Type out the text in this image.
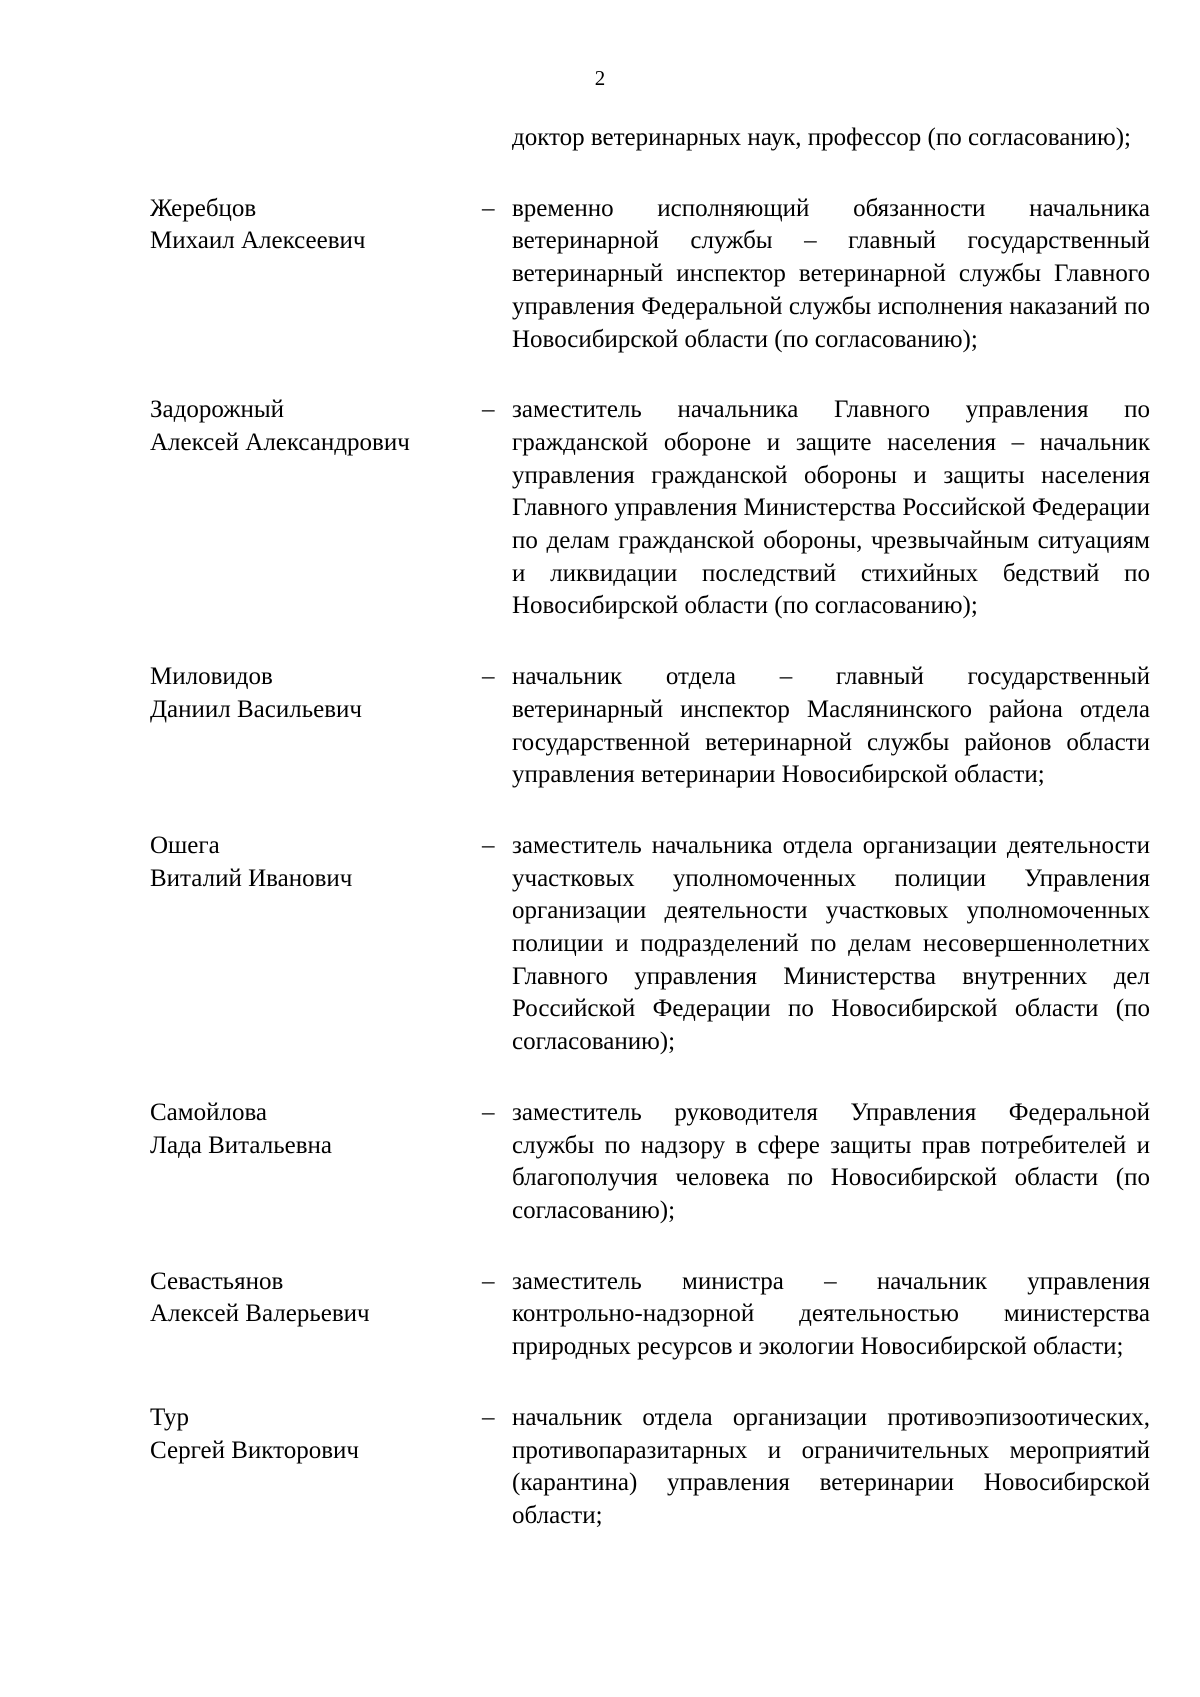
2
доктор ветеринарных наук, профессор (по согласованию);
Жеребцов
Михаил Алексеевич
– временно исполняющий обязанности начальника ветеринарной службы – главный государственный ветеринарный инспектор ветеринарной службы Главного управления Федеральной службы исполнения наказаний по Новосибирской области (по согласованию);
Задорожный
Алексей Александрович
– заместитель начальника Главного управления по гражданской обороне и защите населения – начальник управления гражданской обороны и защиты населения Главного управления Министерства Российской Федерации по делам гражданской обороны, чрезвычайным ситуациям и ликвидации последствий стихийных бедствий по Новосибирской области (по согласованию);
Миловидов
Даниил Васильевич
– начальник отдела – главный государственный ветеринарный инспектор Маслянинского района отдела государственной ветеринарной службы районов области управления ветеринарии Новосибирской области;
Ошега
Виталий Иванович
– заместитель начальника отдела организации деятельности участковых уполномоченных полиции Управления организации деятельности участковых уполномоченных полиции и подразделений по делам несовершеннолетних Главного управления Министерства внутренних дел Российской Федерации по Новосибирской области (по согласованию);
Самойлова
Лада Витальевна
– заместитель руководителя Управления Федеральной службы по надзору в сфере защиты прав потребителей и благополучия человека по Новосибирской области (по согласованию);
Севастьянов
Алексей Валерьевич
– заместитель министра – начальник управления контрольно-надзорной деятельностью министерства природных ресурсов и экологии Новосибирской области;
Тур
Сергей Викторович
– начальник отдела организации противоэпизоотических, противопаразитарных и ограничительных мероприятий (карантина) управления ветеринарии Новосибирской области;
